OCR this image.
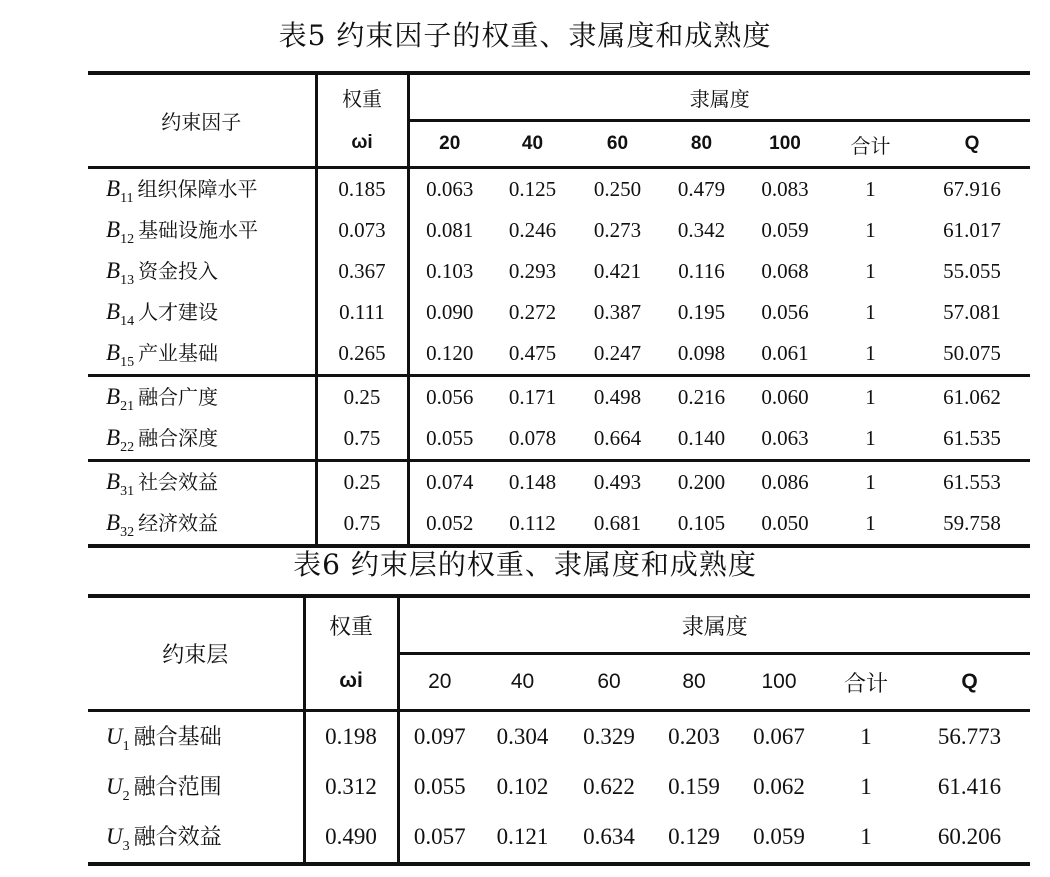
表5 约束因子的权重、隶属度和成熟度
约束因子	权重	隶属度						
	ωi	20	40	60	80	100	合计	Q
$B_{11}$ 组织保障水平	0.185	0.063	0.125	0.250	0.479	0.083	1	67.916
$B_{12}$ 基础设施水平	0.073	0.081	0.246	0.273	0.342	0.059	1	61.017
$B_{13}$ 资金投入	0.367	0.103	0.293	0.421	0.116	0.068	1	55.055
$B_{14}$ 人才建设	0.111	0.090	0.272	0.387	0.195	0.056	1	57.081
$B_{15}$ 产业基础	0.265	0.120	0.475	0.247	0.098	0.061	1	50.075
$B_{21}$ 融合广度	0.25	0.056	0.171	0.498	0.216	0.060	1	61.062
$B_{22}$ 融合深度	0.75	0.055	0.078	0.664	0.140	0.063	1	61.535
$B_{31}$ 社会效益	0.25	0.074	0.148	0.493	0.200	0.086	1	61.553
$B_{32}$ 经济效益	0.75	0.052	0.112	0.681	0.105	0.050	1	59.758
表6 约束层的权重、隶属度和成熟度
约束层	权重	隶属度						
	ωi	20	40	60	80	100	合计	Q
$U_1$ 融合基础	0.198	0.097	0.304	0.329	0.203	0.067	1	56.773
$U_2$ 融合范围	0.312	0.055	0.102	0.622	0.159	0.062	1	61.416
$U_3$ 融合效益	0.490	0.057	0.121	0.634	0.129	0.059	1	60.206
